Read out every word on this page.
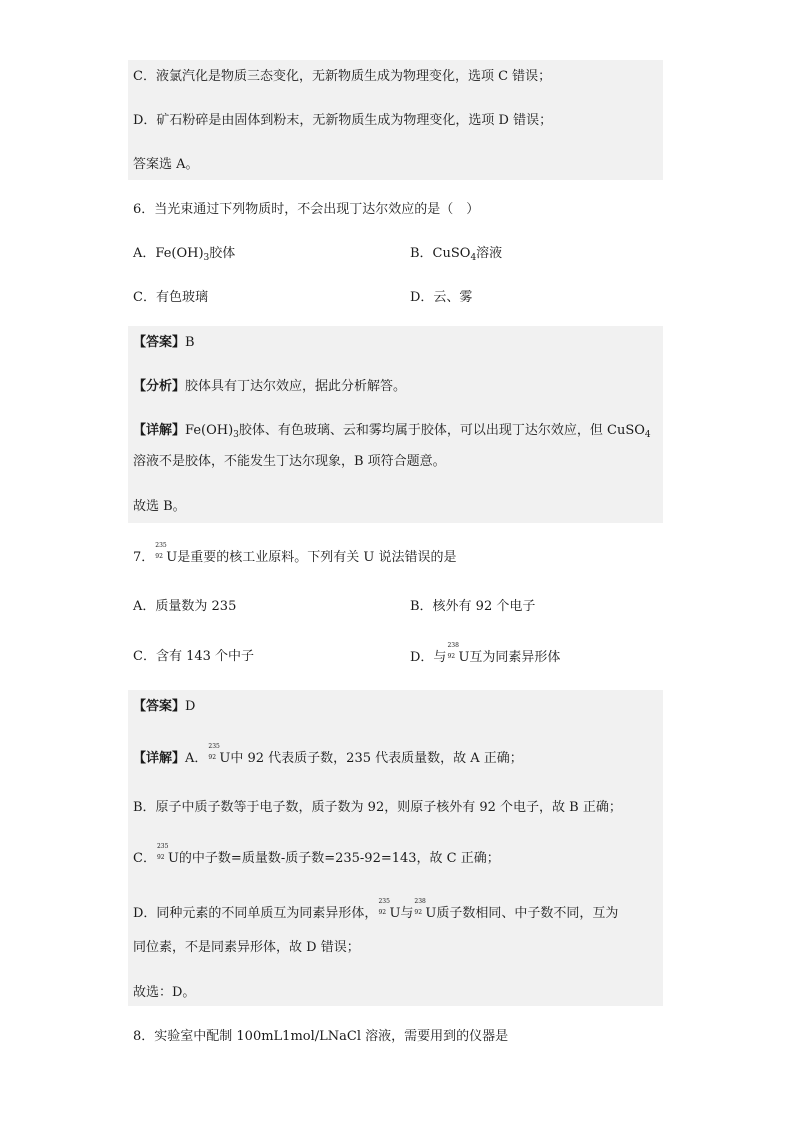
C．液氯汽化是物质三态变化，无新物质生成为物理变化，选项 C 错误；
D．矿石粉碎是由固体到粉末，无新物质生成为物理变化，选项 D 错误；
答案选 A。
6．当光束通过下列物质时，不会出现丁达尔效应的是（　）
A．$Fe(OH)_3$胶体	B．CuSO$_4$溶液
C．有色玻璃	D．云、雾
【答案】B
【分析】胶体具有丁达尔效应，据此分析解答。
【详解】$Fe(OH)_3$胶体、有色玻璃、云和雾均属于胶体，可以出现丁达尔效应，但 CuSO$_4$
溶液不是胶体，不能发生丁达尔现象，B 项符合题意。
故选 B。
7．
235
92 U是重要的核工业原料。下列有关 U 说法错误的是
A．质量数为 235	B．核外有 92 个电子
C．含有 143 个中子	D．与
238
92 U互为同素异形体
【答案】D
【详解】A．
235
92 U中 92 代表质子数，235 代表质量数，故 A 正确；
B．原子中质子数等于电子数，质子数为 92，则原子核外有 92 个电子，故 B 正确；
C．
235
92 U的中子数=质量数-质子数=235-92=143，故 C 正确；
D．同种元素的不同单质互为同素异形体，
235
92 U与
238
92 U质子数相同、中子数不同，互为
同位素，不是同素异形体，故 D 错误；
故选：D。
8．实验室中配制 100mL1mol/LNaCl 溶液，需要用到的仪器是
